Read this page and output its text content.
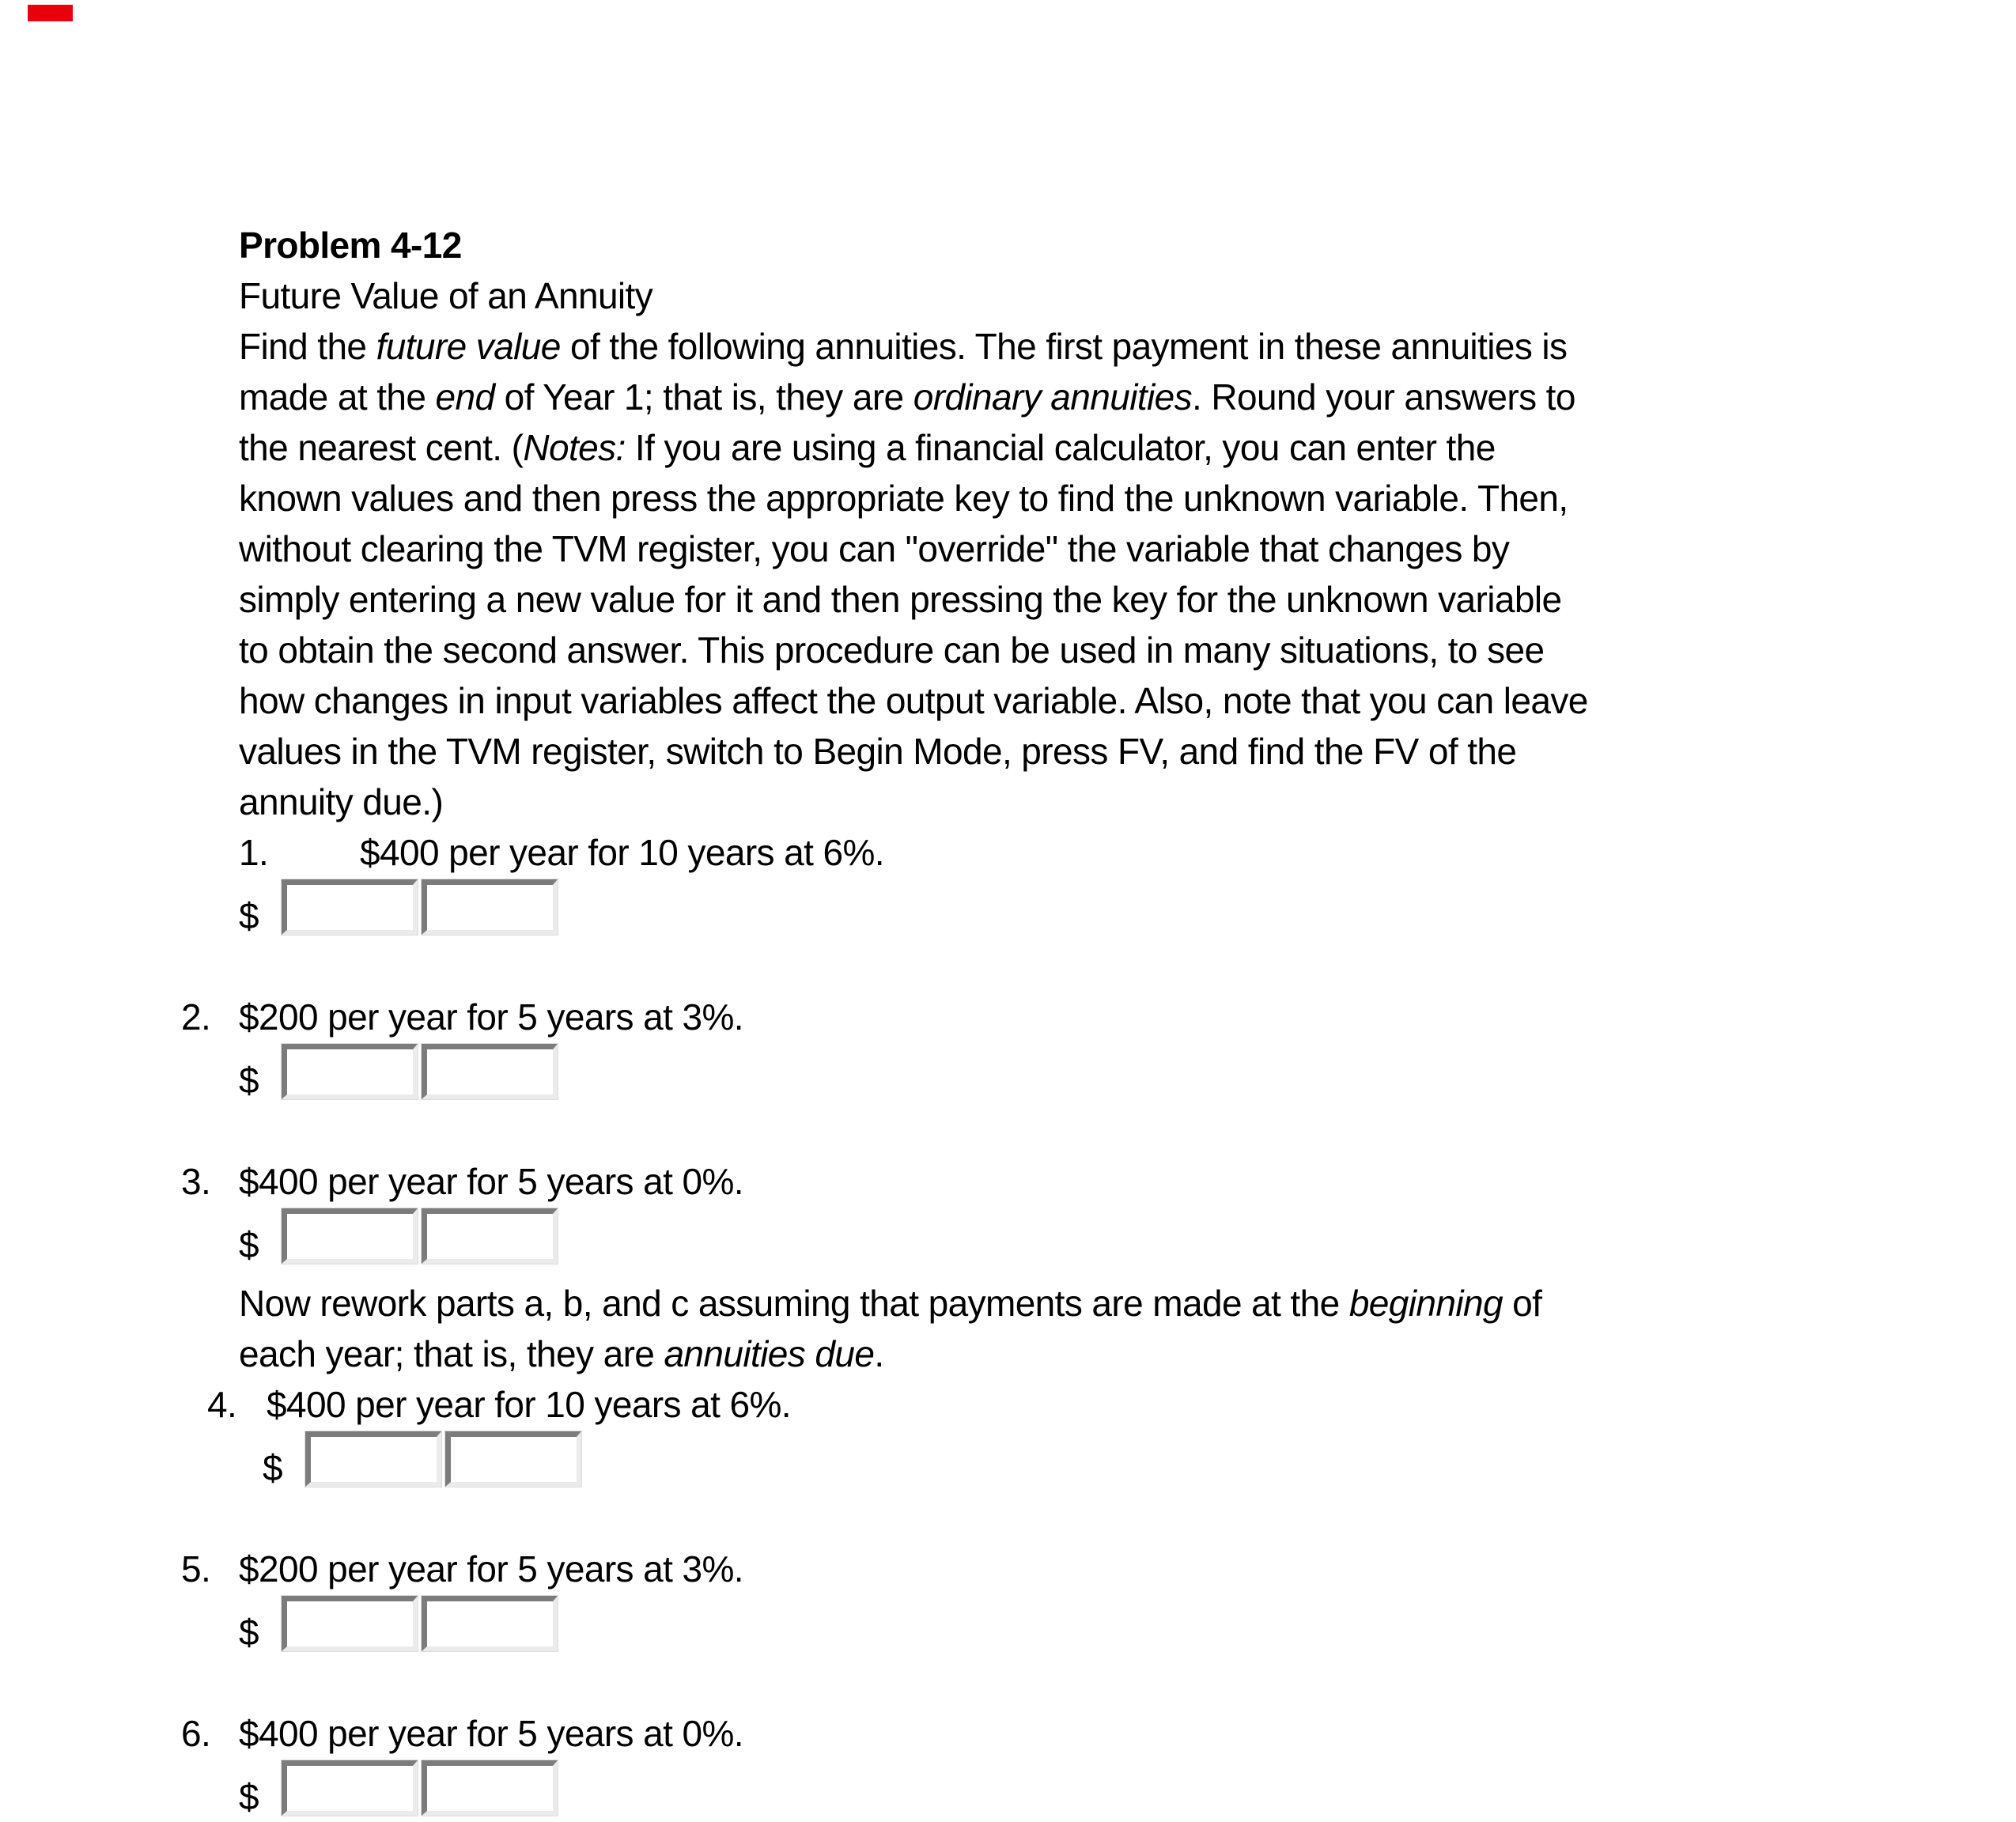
Problem 4-12
Future Value of an Annuity
Find the future value of the following annuities. The first payment in these annuities is
made at the end of Year 1; that is, they are ordinary annuities. Round your answers to
the nearest cent. (Notes: If you are using a financial calculator, you can enter the
known values and then press the appropriate key to find the unknown variable. Then,
without clearing the TVM register, you can "override" the variable that changes by
simply entering a new value for it and then pressing the key for the unknown variable
to obtain the second answer. This procedure can be used in many situations, to see
how changes in input variables affect the output variable. Also, note that you can leave
values in the TVM register, switch to Begin Mode, press FV, and find the FV of the
annuity due.)
1.	$400 per year for 10 years at 6%.
$
2. $200 per year for 5 years at 3%.
$
3. $400 per year for 5 years at 0%.
$
Now rework parts a, b, and c assuming that payments are made at the beginning of
each year; that is, they are annuities due.
4. $400 per year for 10 years at 6%.
$
5. $200 per year for 5 years at 3%.
$
6. $400 per year for 5 years at 0%.
$
